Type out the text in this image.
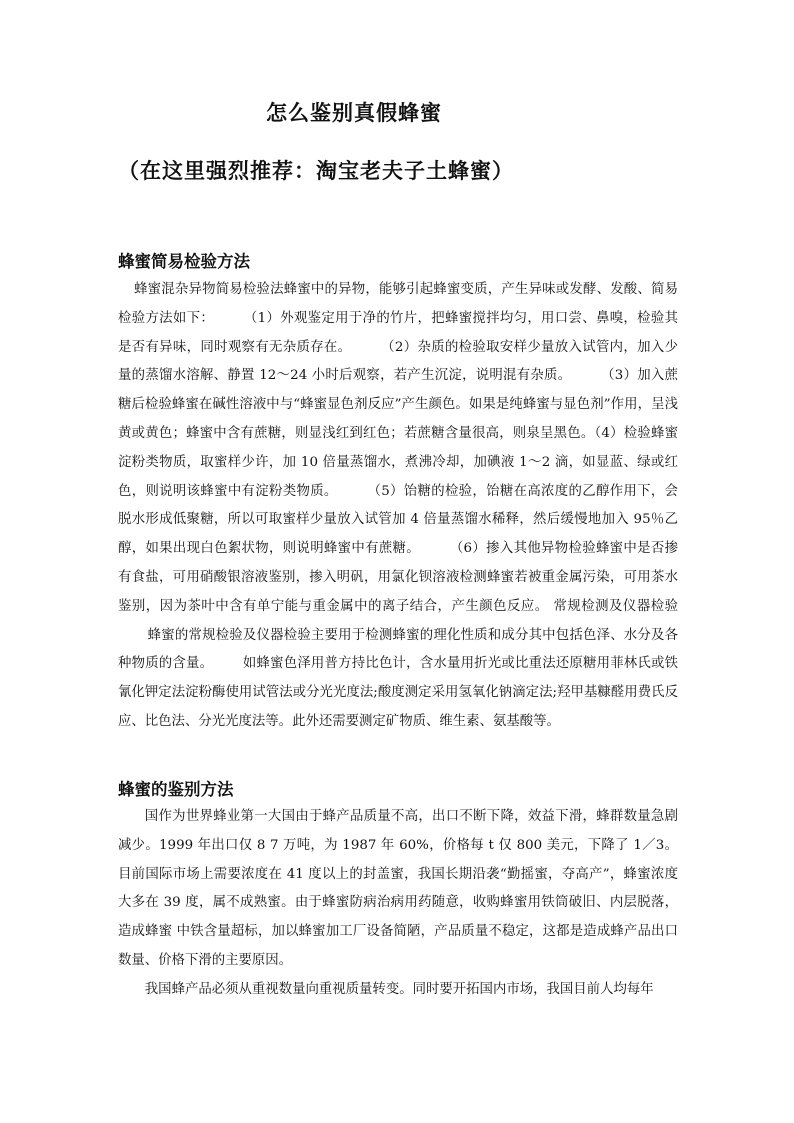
怎么鉴别真假蜂蜜
（在这里强烈推荐：淘宝老夫子土蜂蜜）
蜂蜜简易检验方法
蜂蜜混杂异物简易检验法蜂蜜中的异物，能够引起蜂蜜变质，产生异味或发酵、发酸、简易检验方法如下： （1）外观鉴定用于净的竹片，把蜂蜜搅拌均匀，用口尝、鼻嗅，检验其是否有异味，同时观察有无杂质存在。 （2）杂质的检验取安样少量放入试管内，加入少量的蒸馏水溶解、静置 12～24 小时后观察，若产生沉淀，说明混有杂质。 （3）加入蔗糖后检验蜂蜜在碱性溶液中与“蜂蜜显色剂反应”产生颜色。如果是纯蜂蜜与显色剂”作用，呈浅黄或黄色；蜂蜜中含有蔗糖，则显浅红到红色；若蔗糖含量很高，则泉呈黑色。（4）检验蜂蜜淀粉类物质，取蜜样少许，加 10 倍量蒸馏水，煮沸冷却，加碘液 1～2 滴，如显蓝、绿或红色，则说明该蜂蜜中有淀粉类物质。 （5）饴糖的检验，饴糖在高浓度的乙醇作用下，会脱水形成低聚糖，所以可取蜜样少量放入试管加 4 倍量蒸馏水稀释，然后缓慢地加入 95％乙醇，如果出现白色絮状物，则说明蜂蜜中有蔗糖。 （6）掺入其他异物检验蜂蜜中是否掺有食盐，可用硝酸银溶液鉴别，掺入明矾，用氯化钡溶液检测蜂蜜若被重金属污染，可用茶水鉴别，因为茶叶中含有单宁能与重金属中的离子结合，产生颜色反应。 常规检测及仪器检验蜂蜜的常规检验及仪器检验主要用于检测蜂蜜的理化性质和成分其中包括色泽、水分及各种物质的含量。 如蜂蜜色泽用普方持比色计，含水量用折光或比重法还原糖用菲林氏或铁氰化钾定法淀粉酶使用试管法或分光光度法;酸度测定采用氢氧化钠滴定法;羟甲基糠醛用费氏反应、比色法、分光光度法等。此外还需要测定矿物质、维生素、氨基酸等。
蜂蜜的鉴别方法

国作为世界蜂业第一大国由于蜂产品质量不高，出口不断下降，效益下滑，蜂群数量急剧减少。1999 年出口仅 8 7 万吨，为 1987 年 60%，价格每 t 仅 800 美元，下降了 1／3。目前国际市场上需要浓度在 41 度以上的封盖蜜，我国长期沿袭“勤摇蜜，夺高产”，蜂蜜浓度大多在 39 度，属不成熟蜜。由于蜂蜜防病治病用药随意，收购蜂蜜用铁筒破旧、内层脱落，造成蜂蜜 中铁含量超标，加以蜂蜜加工厂设备简陋，产品质量不稳定，这都是造成蜂产品出口数量、价格下滑的主要原因。

我国蜂产品必须从重视数量向重视质量转变。同时要开拓国内市场，我国目前人均每年
